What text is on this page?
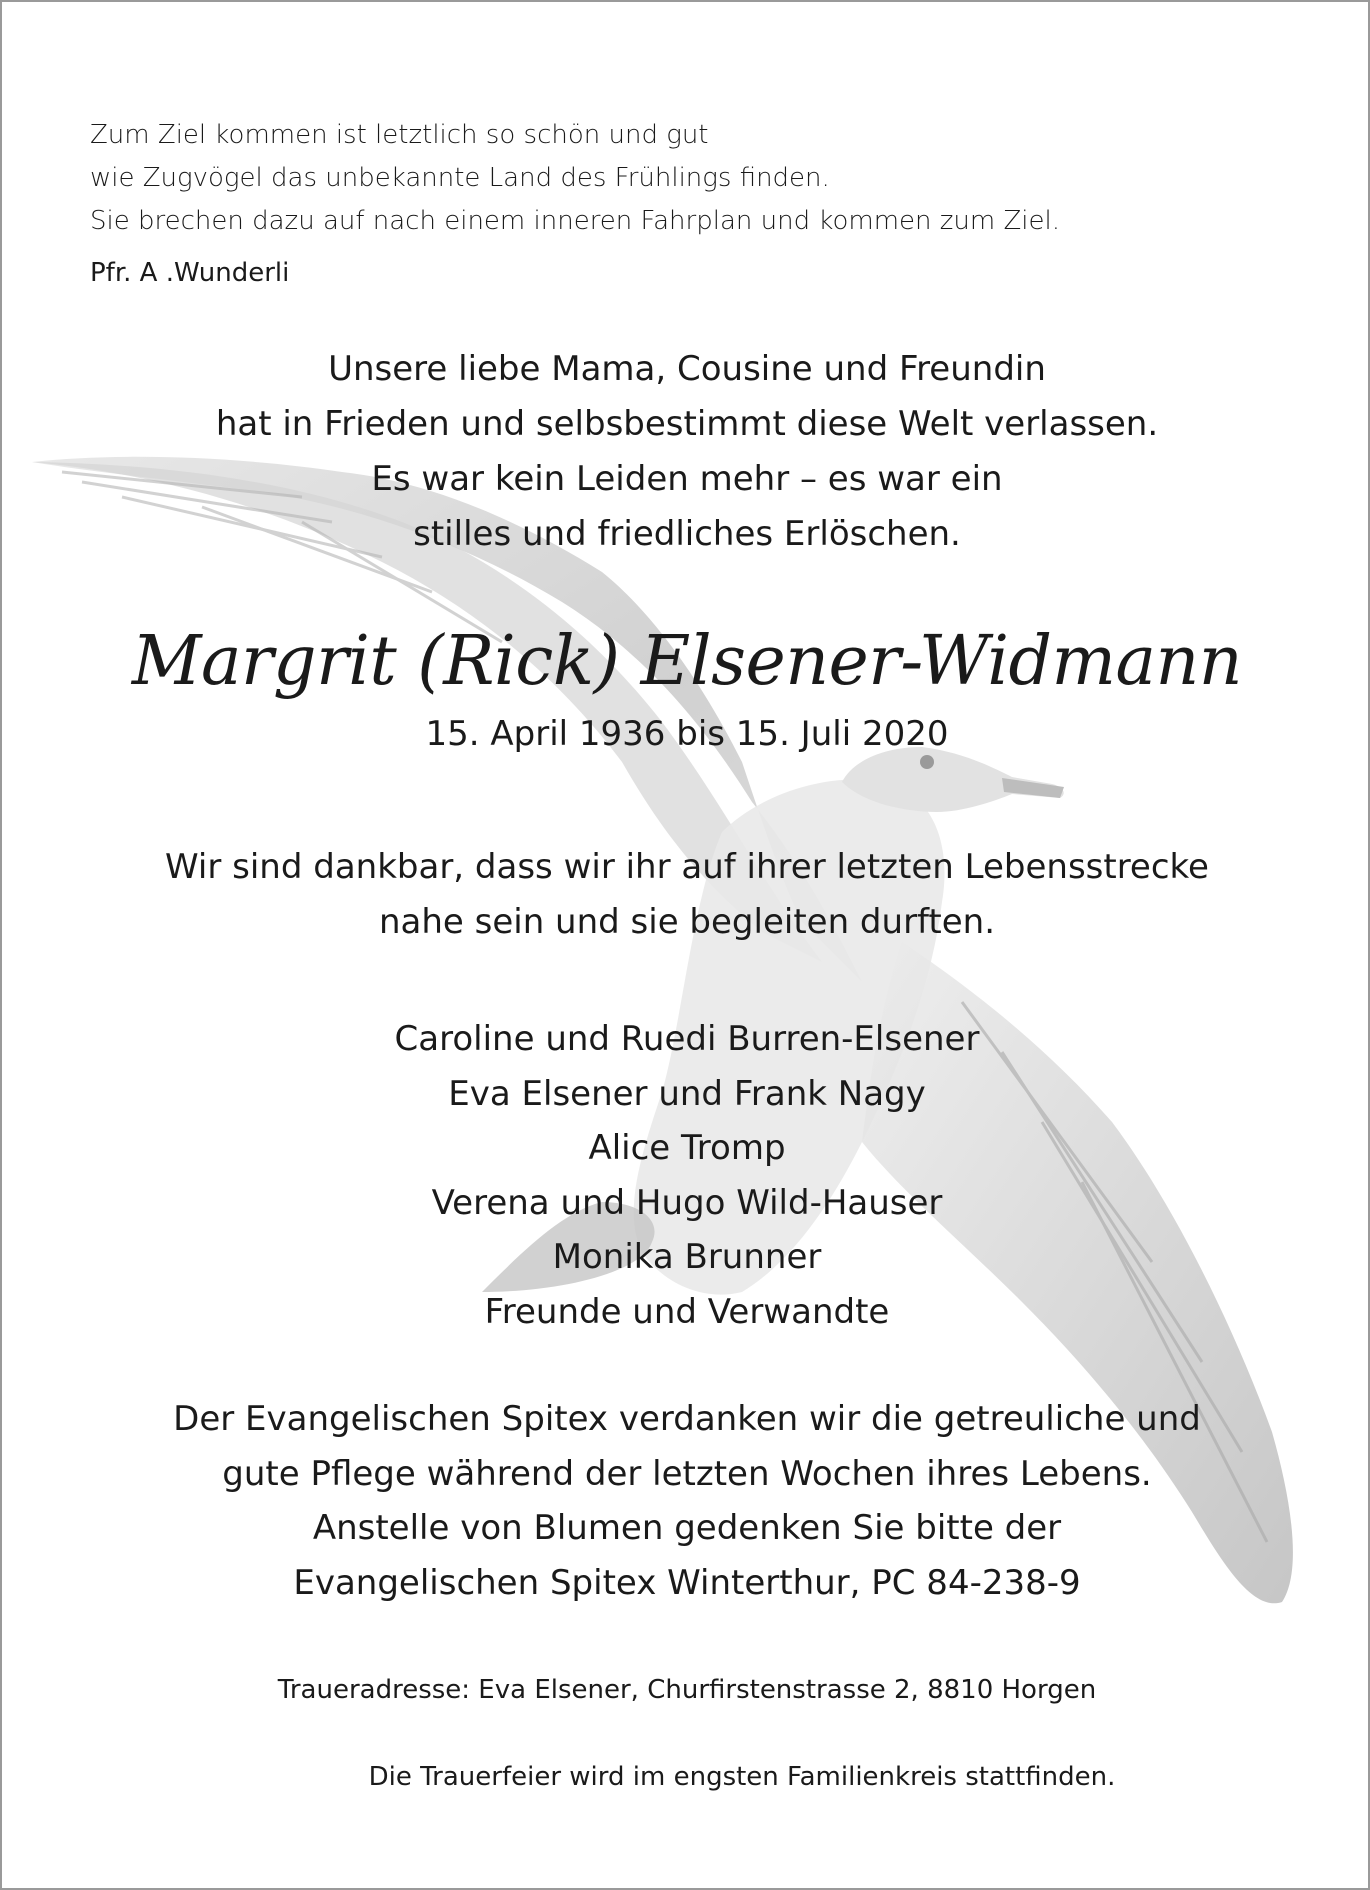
Zum Ziel kommen ist letztlich so schön und gut
wie Zugvögel das unbekannte Land des Frühlings finden.
Sie brechen dazu auf nach einem inneren Fahrplan und kommen zum Ziel.
Pfr. A .Wunderli
Unsere liebe Mama, Cousine und Freundin
hat in Frieden und selbsbestimmt diese Welt verlassen.
Es war kein Leiden mehr – es war ein
stilles und friedliches Erlöschen.
Margrit (Rick) Elsener-Widmann
15. April 1936 bis 15. Juli 2020
Wir sind dankbar, dass wir ihr auf ihrer letzten Lebensstrecke
nahe sein und sie begleiten durften.
Caroline und Ruedi Burren-Elsener
Eva Elsener und Frank Nagy
Alice Tromp
Verena und Hugo Wild-Hauser
Monika Brunner
Freunde und Verwandte
Der Evangelischen Spitex verdanken wir die getreuliche und
gute Pflege während der letzten Wochen ihres Lebens.
Anstelle von Blumen gedenken Sie bitte der
Evangelischen Spitex Winterthur, PC 84-238-9
Traueradresse: Eva Elsener, Churfirstenstrasse 2, 8810 Horgen
Die Trauerfeier wird im engsten Familienkreis stattfinden.
